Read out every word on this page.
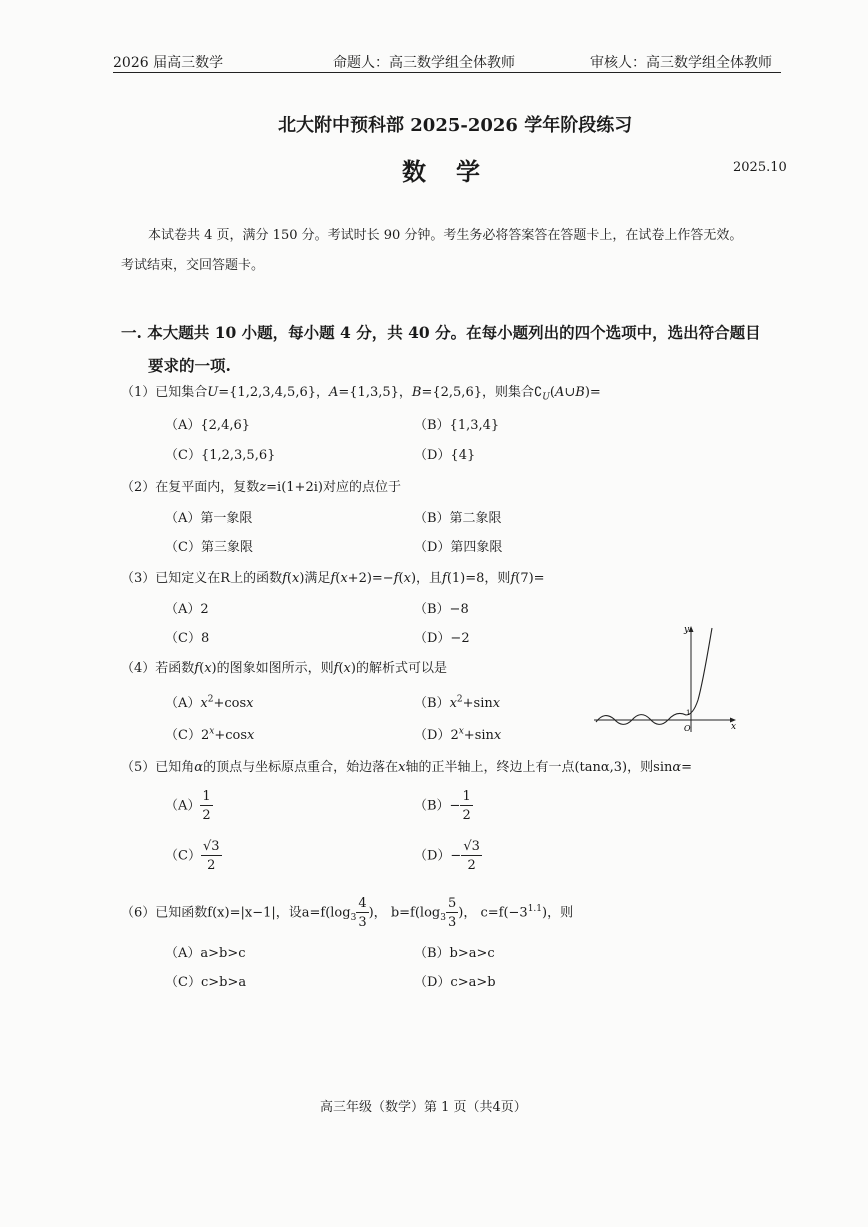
2026 届高三数学	命题人：高三数学组全体教师	审核人：高三数学组全体教师
北大附中预科部 2025-2026 学年阶段练习
数学	2025.10
本试卷共 4 页，满分 150 分。考试时长 90 分钟。考生务必将答案答在答题卡上，在试卷上作答无效。
考试结束，交回答题卡。
一. 本大题共 10 小题，每小题 4 分，共 40 分。在每小题列出的四个选项中，选出符合题目
要求的一项.
（1）已知集合U={1,2,3,4,5,6}，A={1,3,5}，B={2,5,6}，则集合$∁_U(A\cup B)=$
（A）{2,4,6}	（B）{1,3,4}
（C）{1,2,3,5,6}	（D）{4}
（2）在复平面内，复数z=i(1+2i)对应的点位于
（A）第一象限	（B）第二象限
（C）第三象限	（D）第四象限
（3）已知定义在R上的函数f(x)满足f(x+2)=−f(x)，且f(1)=8，则f(7)=
（A）2	（B）−8
（C）8	（D）−2
（4）若函数f(x)的图象如图所示，则f(x)的解析式可以是
$(A)x^2+\cos x$	$(B)x^2+\sin x$
$(C)2^x+\cos x$	$(D)2^x+\sin x$
y
x
O
1
（5）已知角α的顶点与坐标原点重合，始边落在x轴的正半轴上，终边上有一点(tanα,3)，则sinα=
$(A) \frac{1}{2}$	$(B)- \frac{1}{2}$
$(C) \frac{√3}{2}$	$(D)- \frac{√3}{2}$
（6）已知函数f(x)=|x−1|，设$a=f(\log_3 \frac{4}{3}$ )， $b=f(\log_3 \frac{5}{3}$ )， $c=f(-3^{1.1})$，则
（A）a>b>c	（B）b>a>c
（C）c>b>a	（D）c>a>b
高三年级（数学）第 1 页（共4页）
